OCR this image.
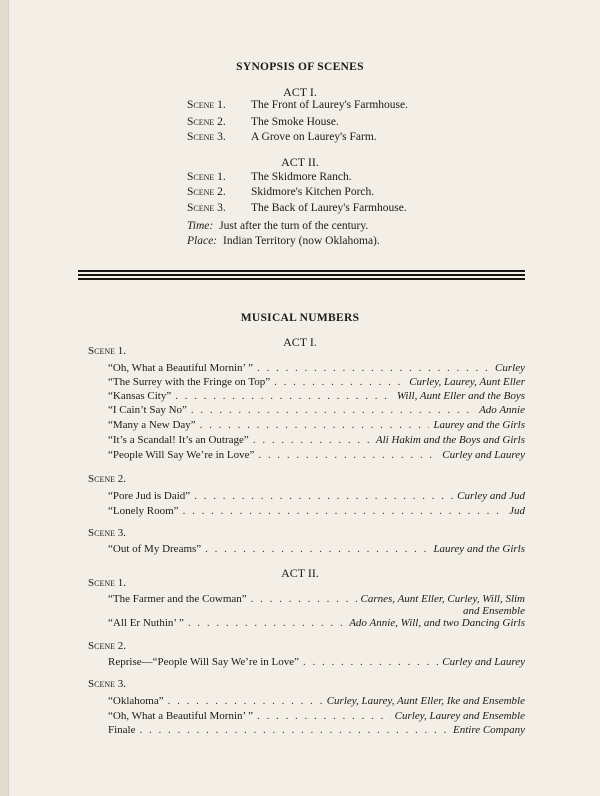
SYNOPSIS OF SCENES
ACT I.
Scene 1. The Front of Laurey's Farmhouse.
Scene 2. The Smoke House.
Scene 3. A Grove on Laurey's Farm.
ACT II.
Scene 1. The Skidmore Ranch.
Scene 2. Skidmore's Kitchen Porch.
Scene 3. The Back of Laurey's Farmhouse.
Time: Just after the turn of the century.
Place: Indian Territory (now Oklahoma).
MUSICAL NUMBERS
ACT I.
Scene 1.
“Oh, What a Beautiful Mornin’ ” . . .	Curley
“The Surrey with the Fringe on Top” . . .	Curley, Laurey, Aunt Eller
“Kansas City” . . .	Will, Aunt Eller and the Boys
“I Cain’t Say No” . . .	Ado Annie
“Many a New Day” . . .	Laurey and the Girls
“It’s a Scandal! It’s an Outrage” . . .	Ali Hakim and the Boys and Girls
“People Will Say We’re in Love” . . .	Curley and Laurey
Scene 2.
“Pore Jud is Daid” . . .	Curley and Jud
“Lonely Room” . . .	Jud
Scene 3.
“Out of My Dreams” . . .	Laurey and the Girls
ACT II.
Scene 1.
“The Farmer and the Cowman” . . .	Carnes, Aunt Eller, Curley, Will, Slim
and Ensemble
“All Er Nuthin’ ” . . .	Ado Annie, Will, and two Dancing Girls
Scene 2.
Reprise—“People Will Say We’re in Love” . . .	Curley and Laurey
Scene 3.
“Oklahoma” . . .	Curley, Laurey, Aunt Eller, Ike and Ensemble
“Oh, What a Beautiful Mornin’ ” . . .	Curley, Laurey and Ensemble
Finale . . .	Entire Company
